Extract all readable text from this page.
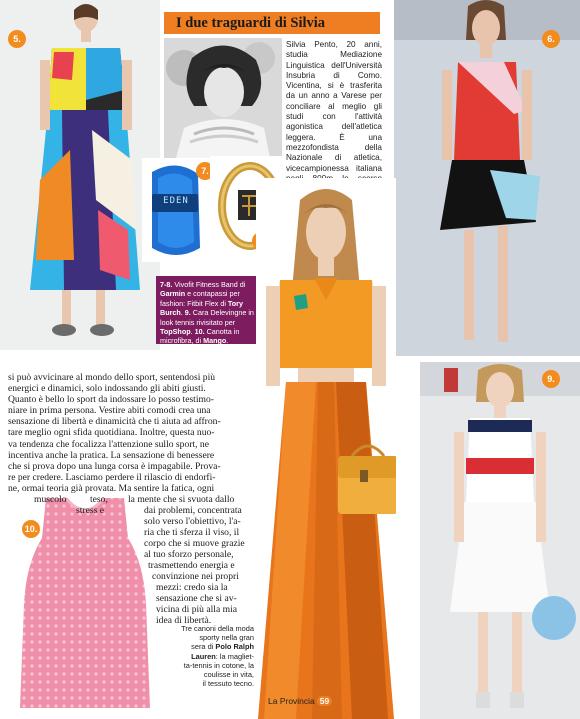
5.
I due traguardi di Silvia
Silvia Pento, 20 anni, studia Mediazione Linguistica dell'Università Insubria di Como. Vicentina, si è trasferita da un anno a Varese per conciliare al meglio gli studi con l'attività agonistica dell'atletica leggera. È una mezzofondista della Nazionale di atletica, vicecampionessa italiana
6.
EDEN
7.
7-8. Vivofit Fitness Band di Garmin e contapassi per fashion: Fitbit Flex di Tory Burch. 9. Cara Delevingne in look tennis rivisitato per TopShop. 10. Canotta in microfibra, di Mango.
9.
10.
si può avvicinare al mondo dello sport, sentendosi più
energici e dinamici, solo indossando gli abiti giusti.
Quanto è bello lo sport da indossare lo posso testimo-
niare in prima persona. Vestire abiti comodi crea una
sensazione di libertà e dinamicità che ti aiuta ad affron-
tare meglio ogni sfida quotidiana. Inoltre, questa nuo-
va tendenza che focalizza l'attenzione sullo sport, ne
incentiva anche la pratica. La sensazione di benessere
che si prova dopo una lunga corsa è impagabile. Prova-
re per credere. Lasciamo perdere il rilascio di endorfi-
ne, ormai teoria già provata. Ma sentire la fatica, ogni
muscolo teso, la mente che si svuota dallo
stress e	dai problemi, concentrata
solo verso l'obiettivo, l'a-
ria che ti sferza il viso, il
corpo che si muove grazie
al tuo sforzo personale,
trasmettendo energia e
convinzione nei propri
mezzi: credo sia la
sensazione che si av-
vicina di più alla mia
idea di libertà.
Tre canoni della moda
sporty nella gran
sera di Polo Ralph
Lauren: la magliet-
ta-tennis in cotone, la
coulisse in vita,
il tessuto tecno.
La Provincia 59
